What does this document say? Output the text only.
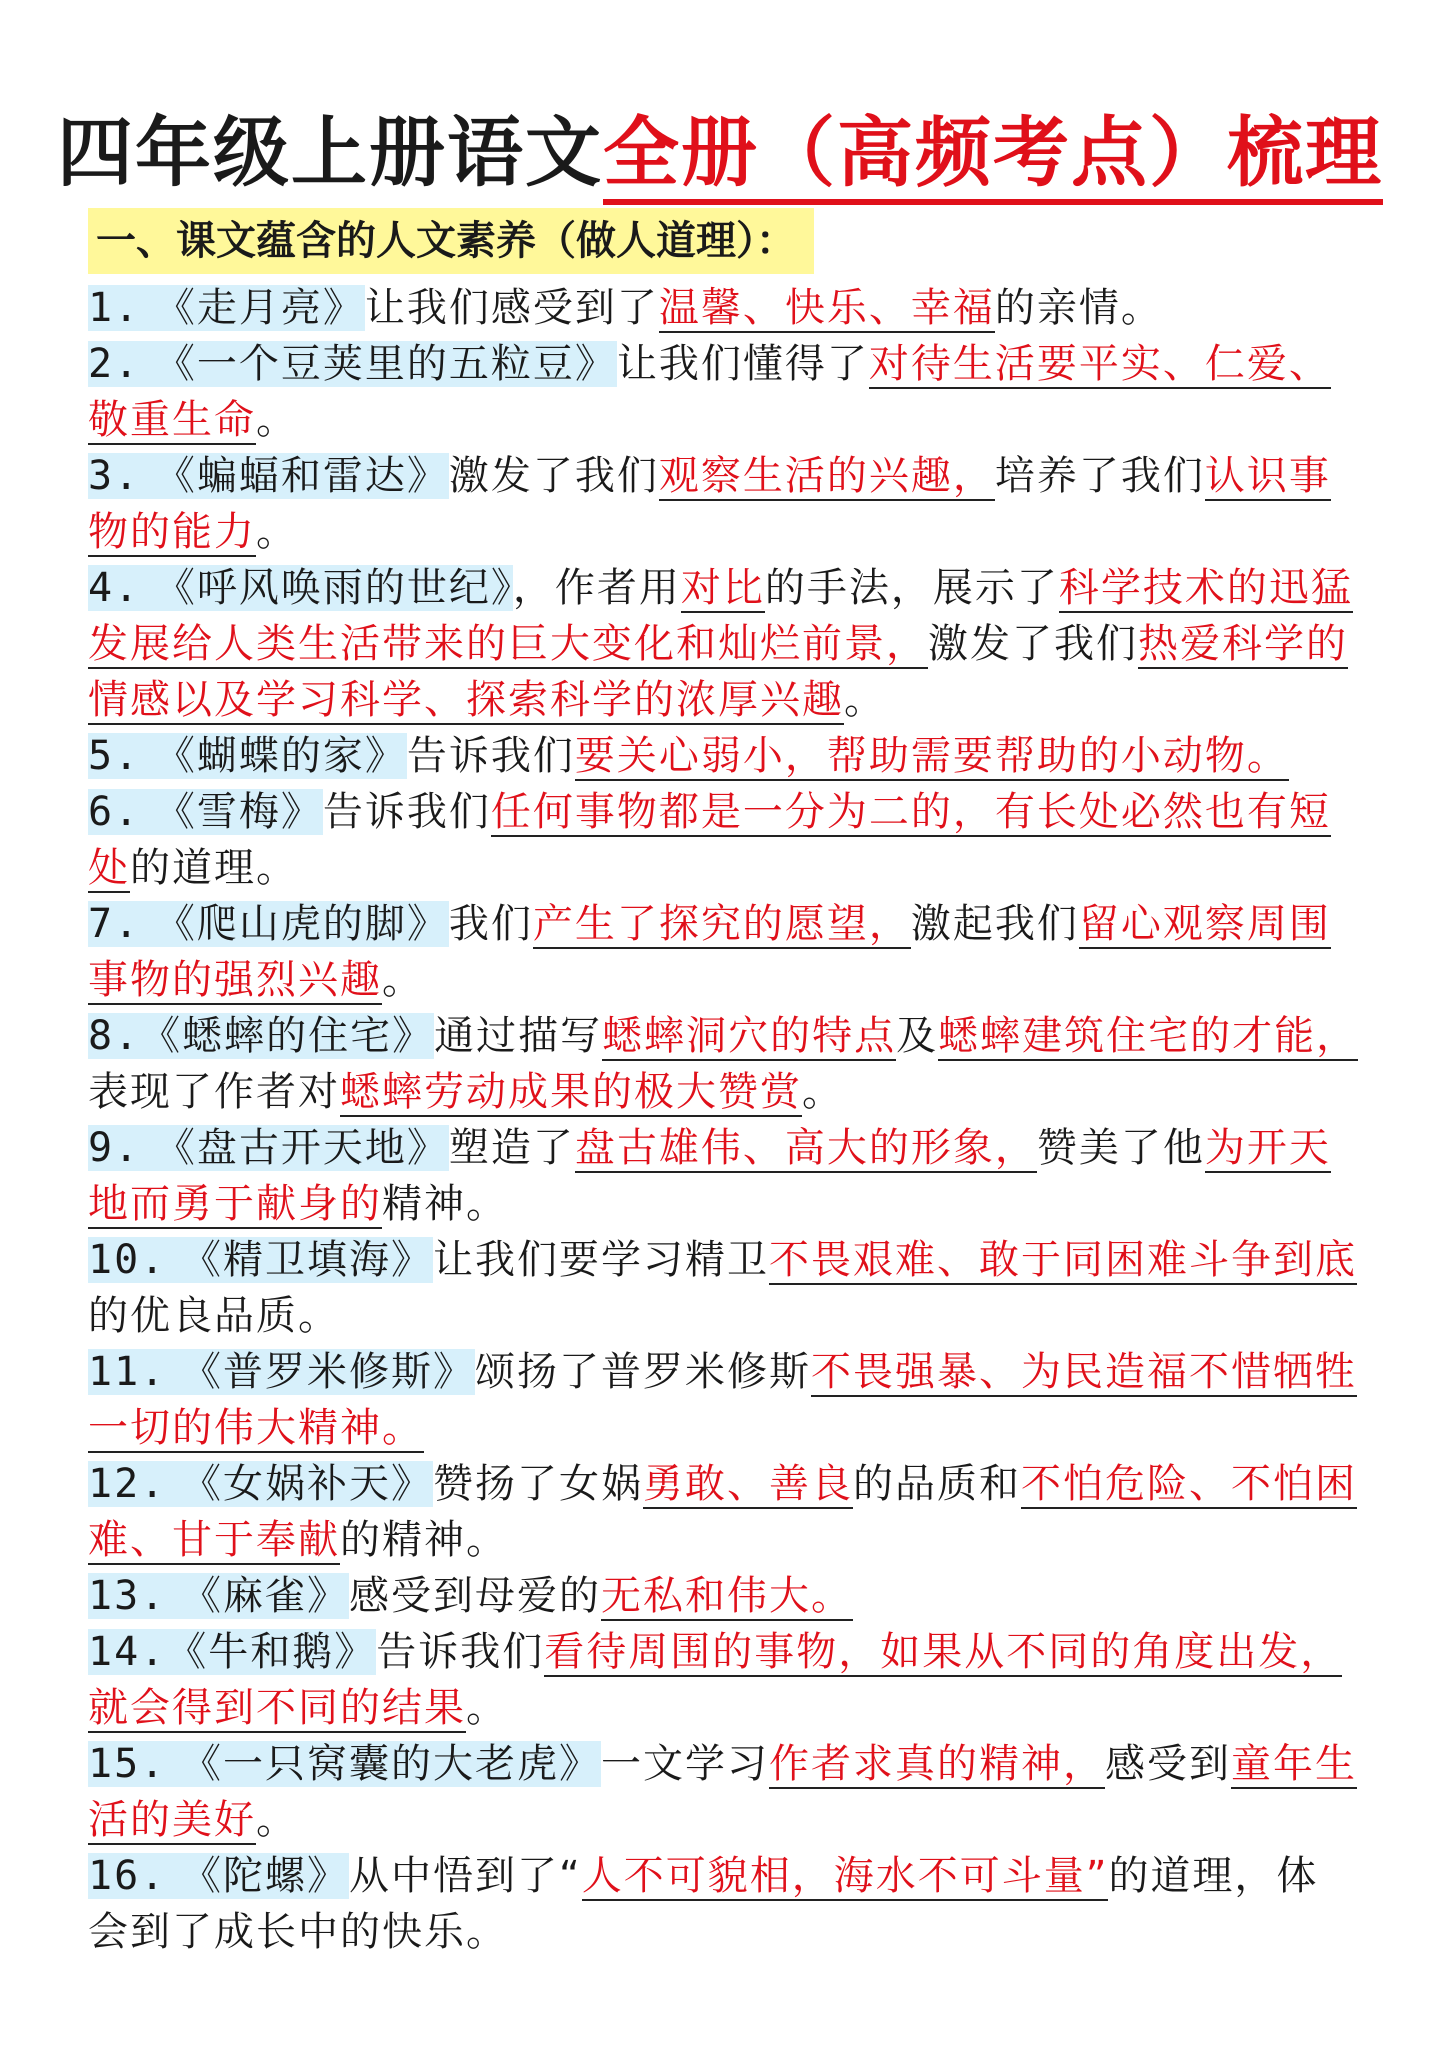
四年级上册语文全册（高频考点）梳理
一、课文蕴含的人文素养（做人道理）：
1. 《走月亮》让我们感受到了温馨、快乐、幸福的亲情。
2. 《一个豆荚里的五粒豆》让我们懂得了对待生活要平实、仁爱、敬重生命。
3. 《蝙蝠和雷达》激发了我们观察生活的兴趣，培养了我们认识事物的能力。
4. 《呼风唤雨的世纪》，作者用对比的手法，展示了科学技术的迅猛发展给人类生活带来的巨大变化和灿烂前景，激发了我们热爱科学的情感以及学习科学、探索科学的浓厚兴趣。
5. 《蝴蝶的家》告诉我们要关心弱小，帮助需要帮助的小动物。
6. 《雪梅》告诉我们任何事物都是一分为二的，有长处必然也有短处的道理。
7. 《爬山虎的脚》我们产生了探究的愿望，激起我们留心观察周围事物的强烈兴趣。
8.《蟋蟀的住宅》通过描写蟋蟀洞穴的特点及蟋蟀建筑住宅的才能，表现了作者对蟋蟀劳动成果的极大赞赏。
9. 《盘古开天地》塑造了盘古雄伟、高大的形象，赞美了他为开天地而勇于献身的精神。
10. 《精卫填海》让我们要学习精卫不畏艰难、敢于同困难斗争到底的优良品质。
11. 《普罗米修斯》颂扬了普罗米修斯不畏强暴、为民造福不惜牺牲一切的伟大精神。
12. 《女娲补天》赞扬了女娲勇敢、善良的品质和不怕危险、不怕困难、甘于奉献的精神。
13. 《麻雀》感受到母爱的无私和伟大。
14.《牛和鹅》告诉我们看待周围的事物，如果从不同的角度出发，就会得到不同的结果。
15. 《一只窝囊的大老虎》一文学习作者求真的精神，感受到童年生活的美好。
16. 《陀螺》从中悟到了“人不可貌相，海水不可斗量”的道理，体会到了成长中的快乐。
